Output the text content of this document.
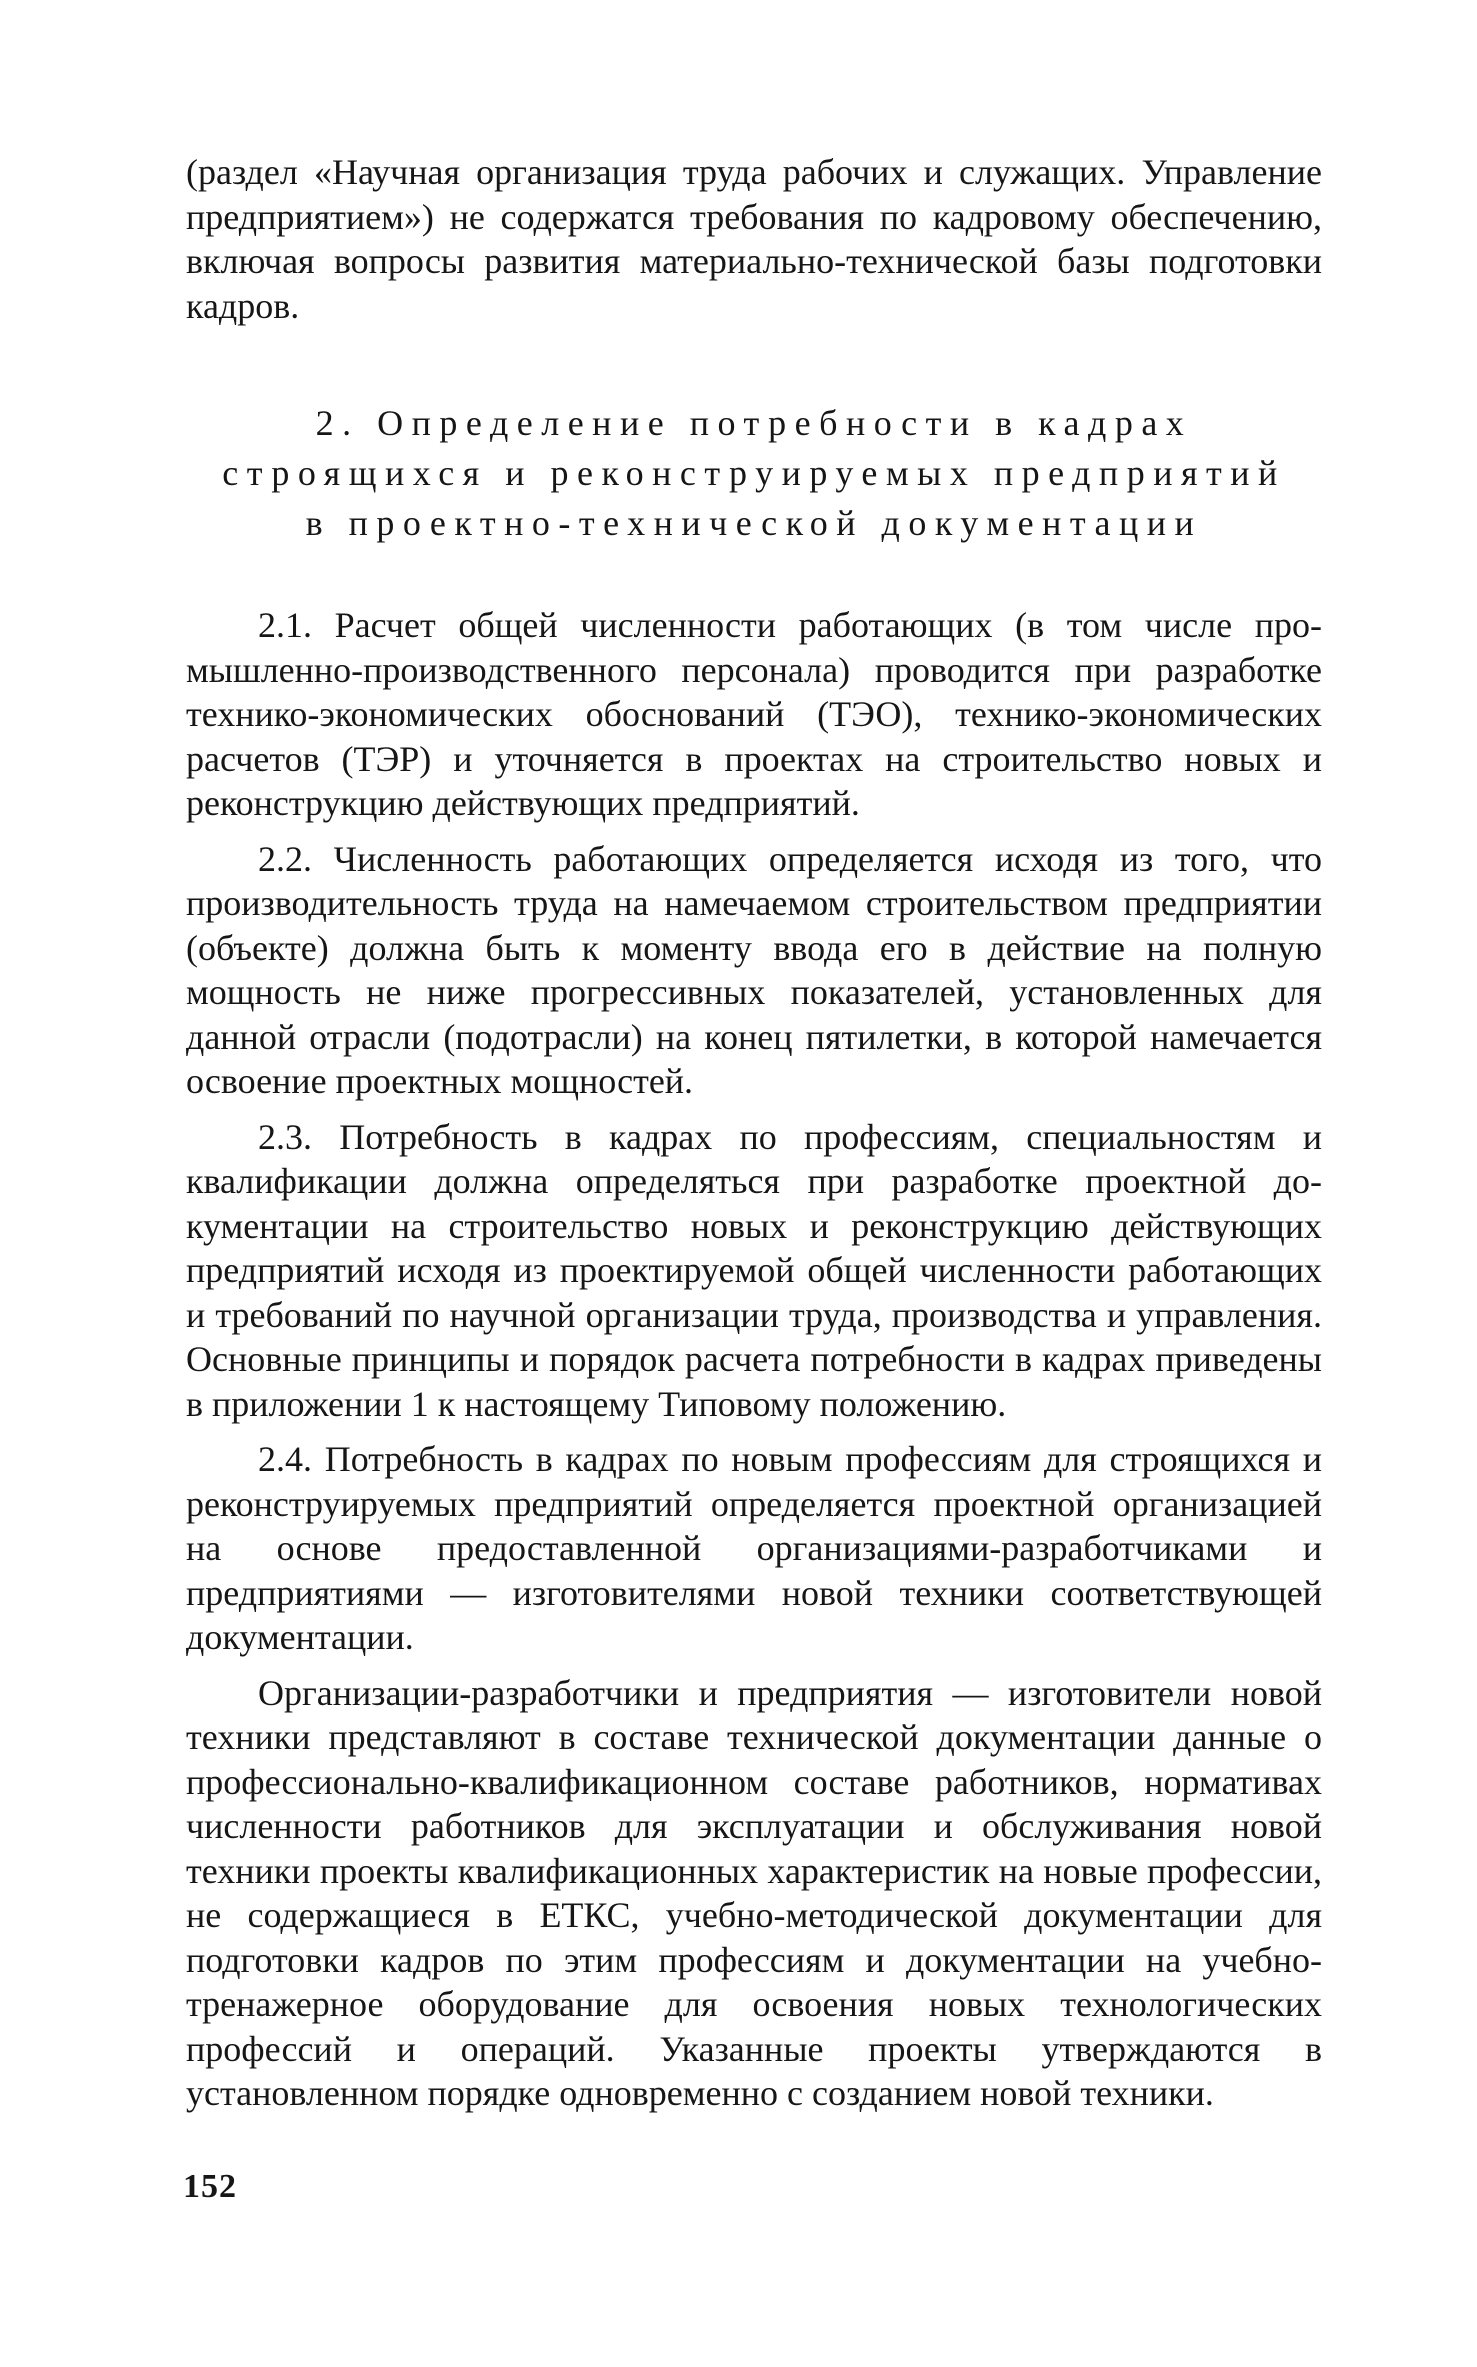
(раздел «Научная организация труда рабочих и служащих. Управление предприятием») не содержатся требования по кадровому обеспечению, включая вопросы развития материально-технической базы подготовки кадров.

2. Определение потребности в кадрах
строящихся и реконструируемых предприятий
в проектно-технической документации

2.1. Расчет общей численности работающих (в том числе промышленно-производственного персонала) проводится при разработке технико-экономических обоснований (ТЭО), технико-экономических расчетов (ТЭР) и уточняется в проектах на строительство новых и реконструкцию действующих предприятий.

2.2. Численность работающих определяется исходя из того, что производительность труда на намечаемом строительством предприятии (объекте) должна быть к моменту ввода его в действие на полную мощность не ниже прогрессивных показателей, установленных для данной отрасли (подотрасли) на конец пятилетки, в которой намечается освоение проектных мощностей.

2.3. Потребность в кадрах по профессиям, специальностям и квалификации должна определяться при разработке проектной документации на строительство новых и реконструкцию действующих предприятий исходя из проектируемой общей численности работающих и требований по научной организации труда, производства и управления. Основные принципы и порядок расчета потребности в кадрах приведены в приложении 1 к настоящему Типовому положению.

2.4. Потребность в кадрах по новым профессиям для строящихся и реконструируемых предприятий определяется проектной организацией на основе предоставленной организациями-разработчиками и предприятиями — изготовителями новой техники соответствующей документации.

Организации-разработчики и предприятия — изготовители новой техники представляют в составе технической документации данные о профессионально-квалификационном составе работников, нормативах численности работников для эксплуатации и обслуживания новой техники проекты квалификационных характеристик на новые профессии, не содержащиеся в ЕТКС, учебно-методической документации для подготовки кадров по этим профессиям и документации на учебно-тренажерное оборудование для освоения новых технологических профессий и операций. Указанные проекты утверждаются в установленном порядке одновременно с созданием новой техники.

152
